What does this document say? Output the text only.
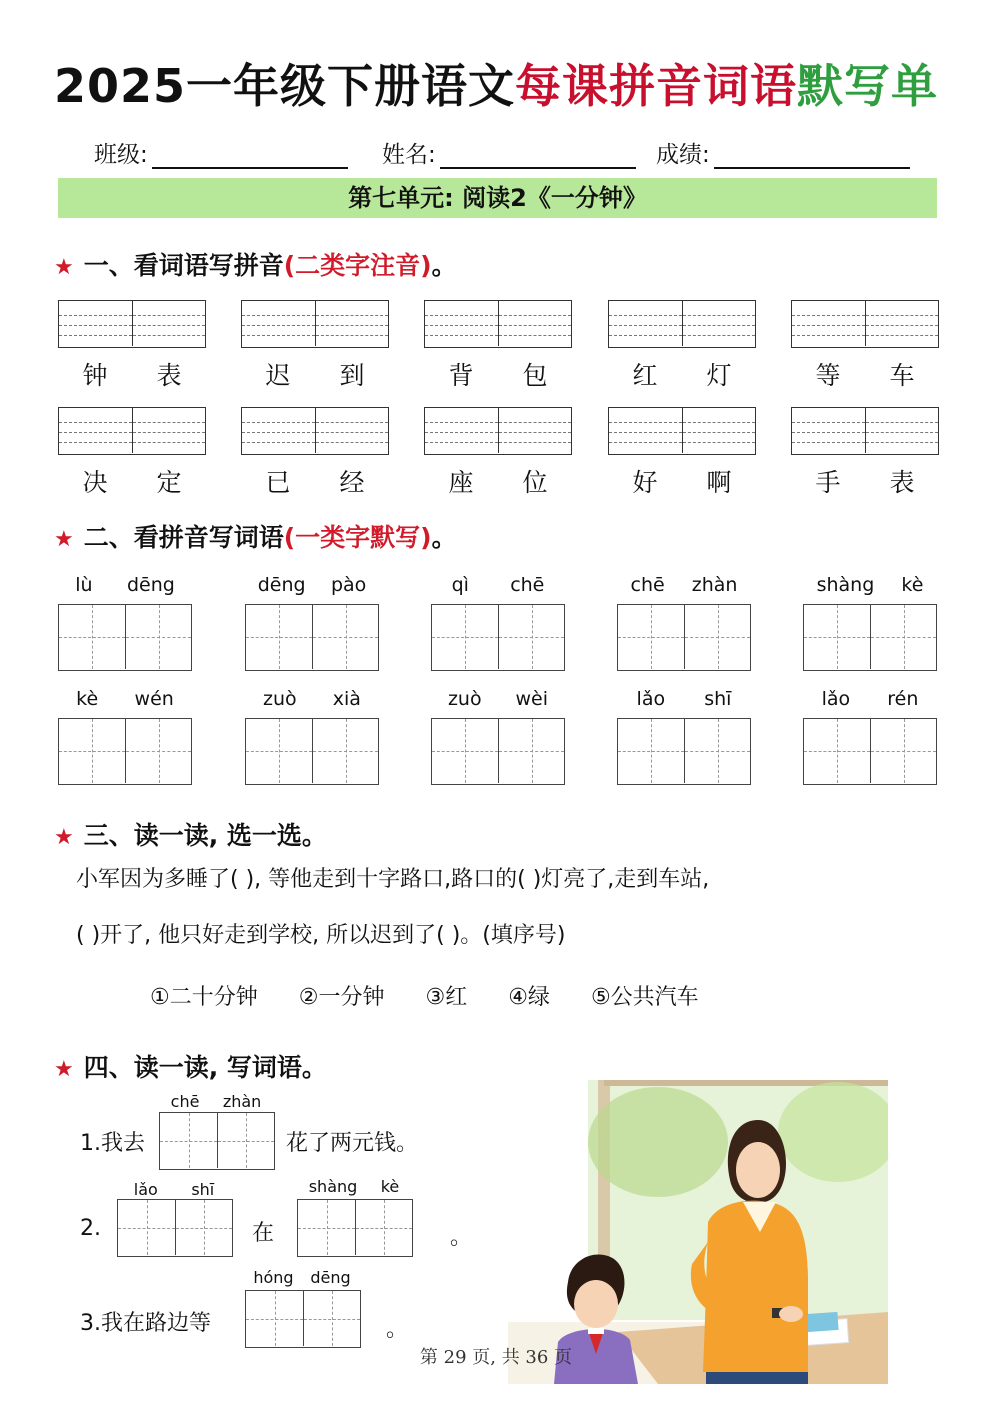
2025一年级下册语文每课拼音词语默写单
班级:	姓名:	成绩:
第七单元: 阅读2《一分钟》
★ 一、看词语写拼音(二类字注音)。
钟 表	迟 到	背 包	红 灯	等 车
决 定	已 经	座 位	好 啊	手 表
★ 二、看拼音写词语(一类字默写)。
lù dēng	dēng pào	qì chē	chē zhàn	shàng kè
kè wén	zuò xià	zuò wèi	lǎo shī	lǎo rén
★ 三、读一读, 选一选。
小军因为多睡了( ), 等他走到十字路口,路口的( )灯亮了,走到车站,
( )开了, 他只好走到学校, 所以迟到了( )。(填序号)
①二十分钟 ②一分钟 ③红 ④绿 ⑤公共汽车
★ 四、读一读, 写词语。
1.我去
chē zhàn
花了两元钱。
2.
lǎo shī
在
shàng kè
。
3.我在路边等
hóng dēng
。
第 29 页, 共 36 页
